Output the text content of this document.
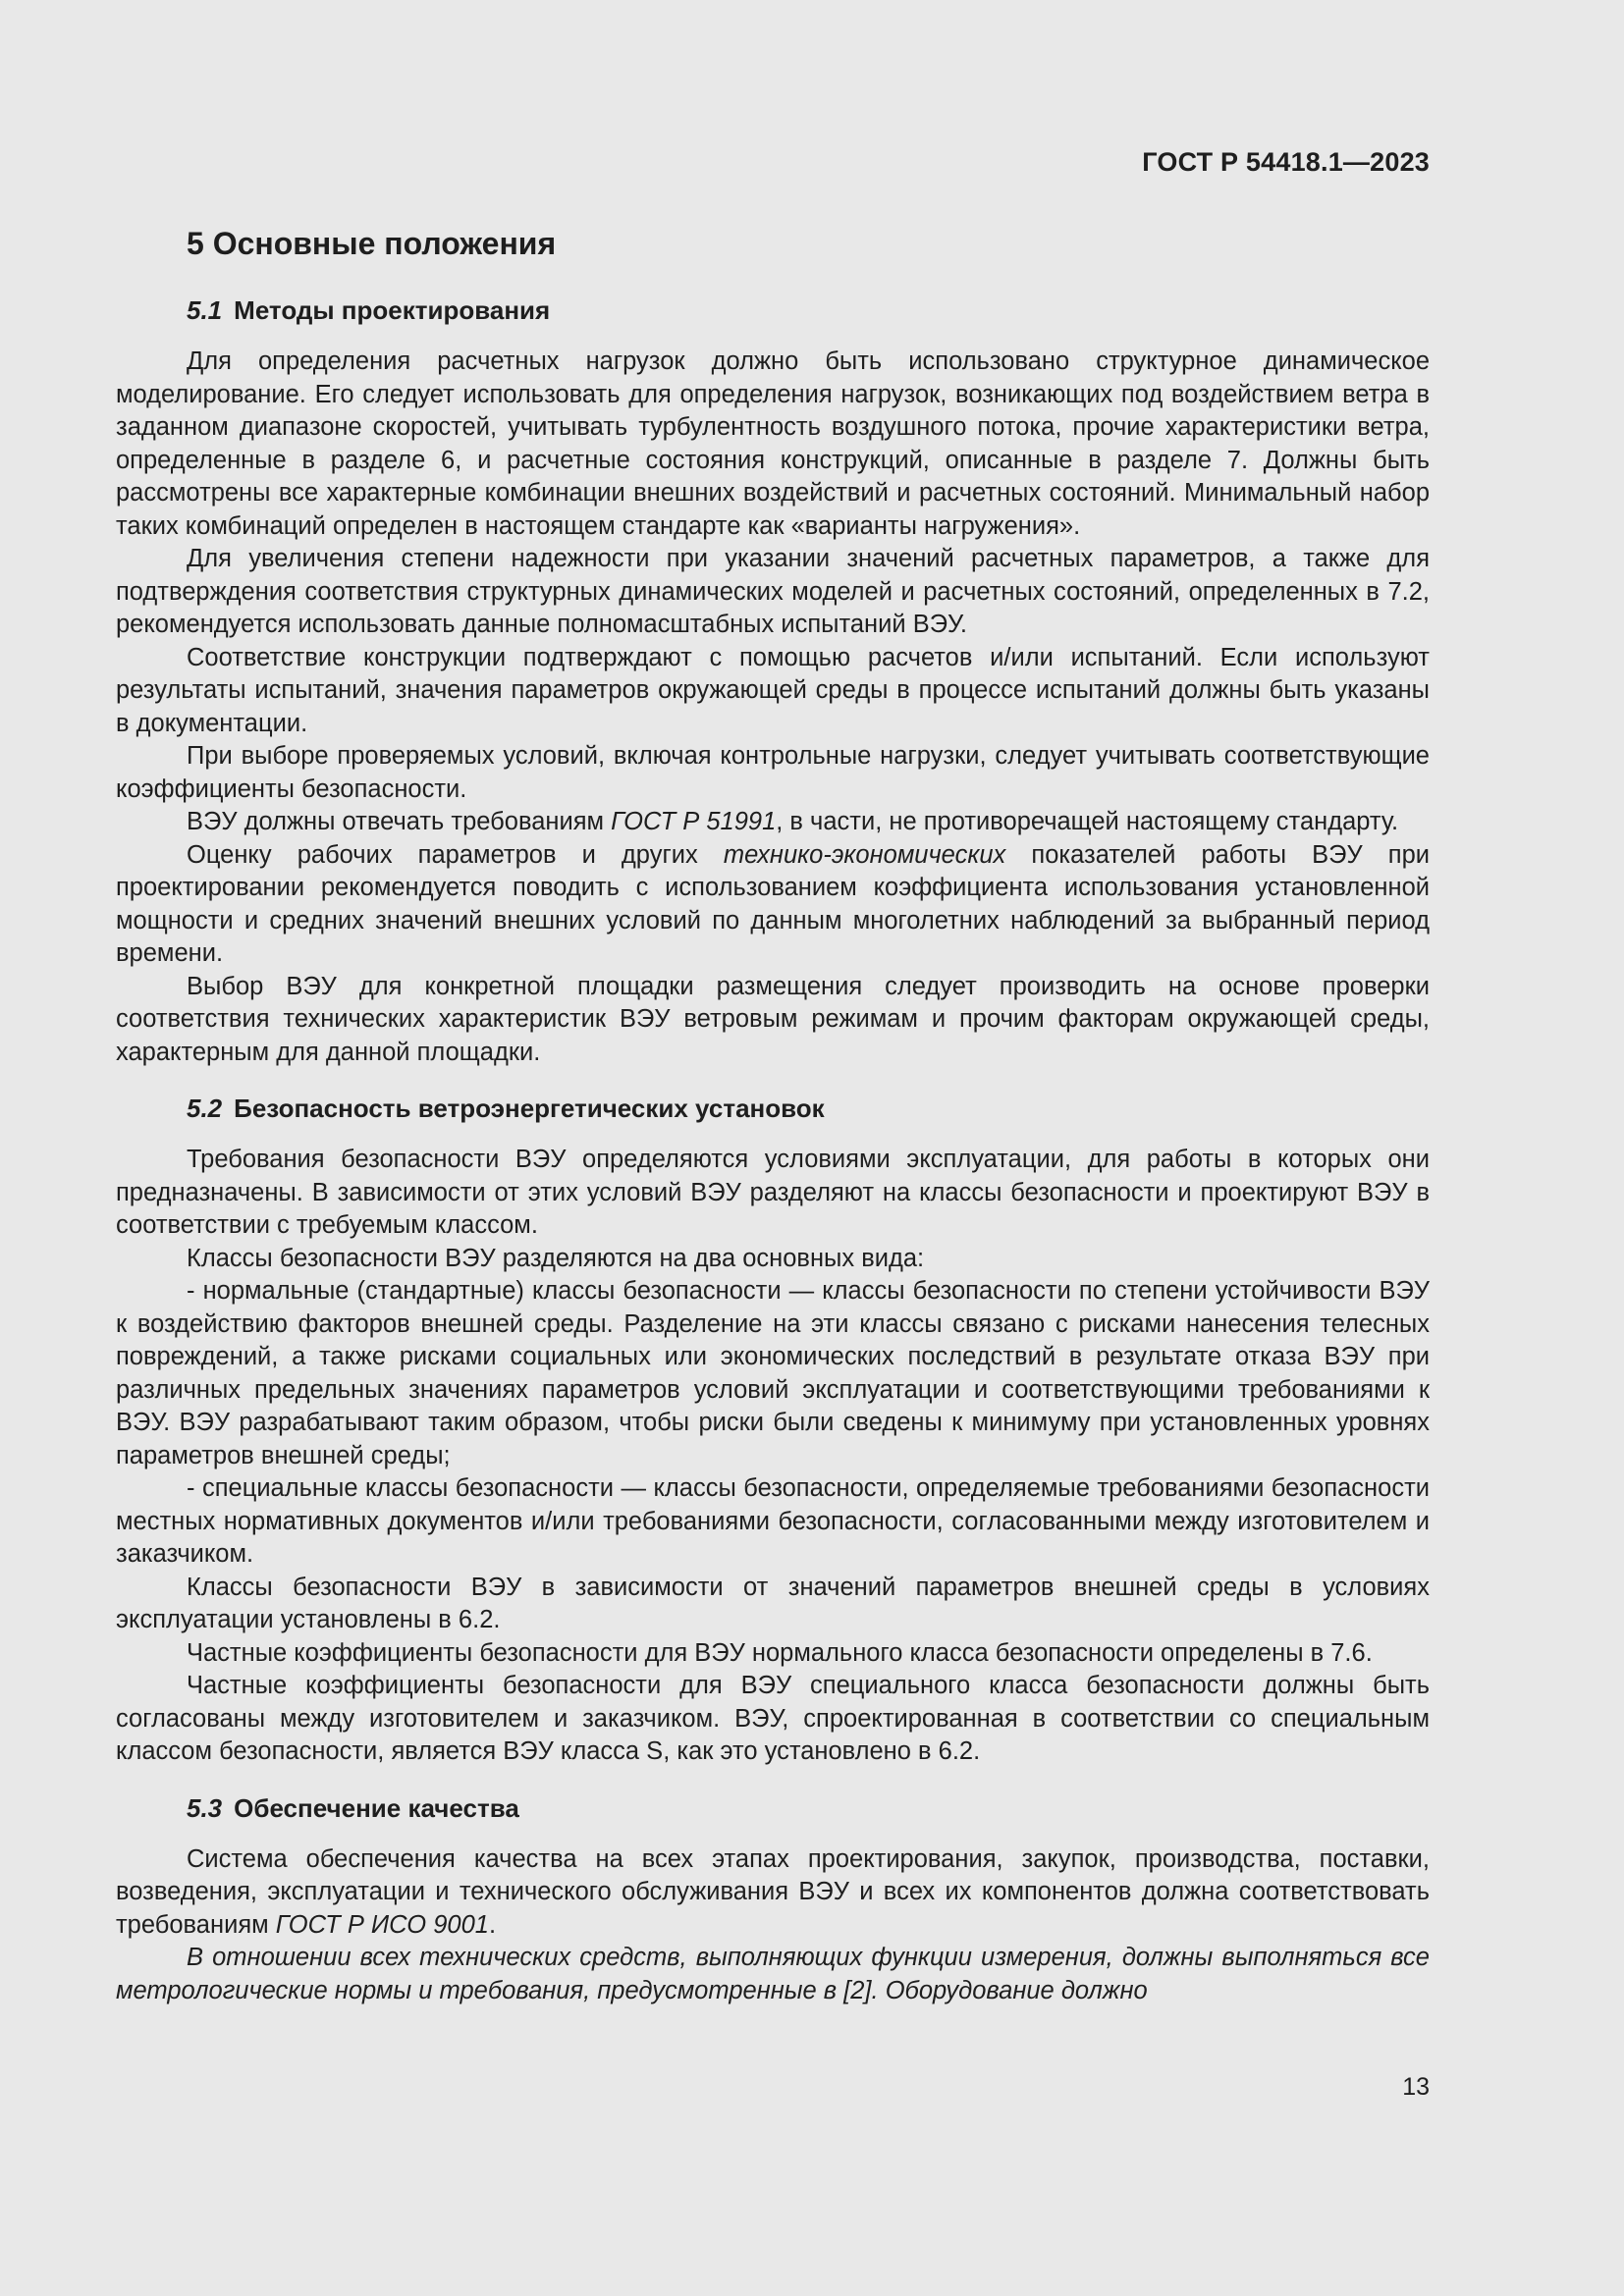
ГОСТ Р 54418.1—2023
5 Основные положения
5.1 Методы проектирования

Для определения расчетных нагрузок должно быть использовано структурное динамическое моделирование. Его следует использовать для определения нагрузок, возникающих под воздействием ветра в заданном диапазоне скоростей, учитывать турбулентность воздушного потока, прочие характеристики ветра, определенные в разделе 6, и расчетные состояния конструкций, описанные в разделе 7. Должны быть рассмотрены все характерные комбинации внешних воздействий и расчетных состояний. Минимальный набор таких комбинаций определен в настоящем стандарте как «варианты нагружения».

Для увеличения степени надежности при указании значений расчетных параметров, а также для подтверждения соответствия структурных динамических моделей и расчетных состояний, определенных в 7.2, рекомендуется использовать данные полномасштабных испытаний ВЭУ.

Соответствие конструкции подтверждают с помощью расчетов и/или испытаний. Если используют результаты испытаний, значения параметров окружающей среды в процессе испытаний должны быть указаны в документации.

При выборе проверяемых условий, включая контрольные нагрузки, следует учитывать соответствующие коэффициенты безопасности.

ВЭУ должны отвечать требованиям ГОСТ Р 51991, в части, не противоречащей настоящему стандарту.

Оценку рабочих параметров и других технико-экономических показателей работы ВЭУ при проектировании рекомендуется поводить с использованием коэффициента использования установленной мощности и средних значений внешних условий по данным многолетних наблюдений за выбранный период времени.

Выбор ВЭУ для конкретной площадки размещения следует производить на основе проверки соответствия технических характеристик ВЭУ ветровым режимам и прочим факторам окружающей среды, характерным для данной площадки.

5.2 Безопасность ветроэнергетических установок

Требования безопасности ВЭУ определяются условиями эксплуатации, для работы в которых они предназначены. В зависимости от этих условий ВЭУ разделяют на классы безопасности и проектируют ВЭУ в соответствии с требуемым классом.

Классы безопасности ВЭУ разделяются на два основных вида:

- нормальные (стандартные) классы безопасности — классы безопасности по степени устойчивости ВЭУ к воздействию факторов внешней среды. Разделение на эти классы связано с рисками нанесения телесных повреждений, а также рисками социальных или экономических последствий в результате отказа ВЭУ при различных предельных значениях параметров условий эксплуатации и соответствующими требованиями к ВЭУ. ВЭУ разрабатывают таким образом, чтобы риски были сведены к минимуму при установленных уровнях параметров внешней среды;

- специальные классы безопасности — классы безопасности, определяемые требованиями безопасности местных нормативных документов и/или требованиями безопасности, согласованными между изготовителем и заказчиком.

Классы безопасности ВЭУ в зависимости от значений параметров внешней среды в условиях эксплуатации установлены в 6.2.

Частные коэффициенты безопасности для ВЭУ нормального класса безопасности определены в 7.6.

Частные коэффициенты безопасности для ВЭУ специального класса безопасности должны быть согласованы между изготовителем и заказчиком. ВЭУ, спроектированная в соответствии со специальным классом безопасности, является ВЭУ класса S, как это установлено в 6.2.

5.3 Обеспечение качества

Система обеспечения качества на всех этапах проектирования, закупок, производства, поставки, возведения, эксплуатации и технического обслуживания ВЭУ и всех их компонентов должна соответствовать требованиям ГОСТ Р ИСО 9001.

В отношении всех технических средств, выполняющих функции измерения, должны выполняться все метрологические нормы и требования, предусмотренные в [2]. Оборудование должно

13
